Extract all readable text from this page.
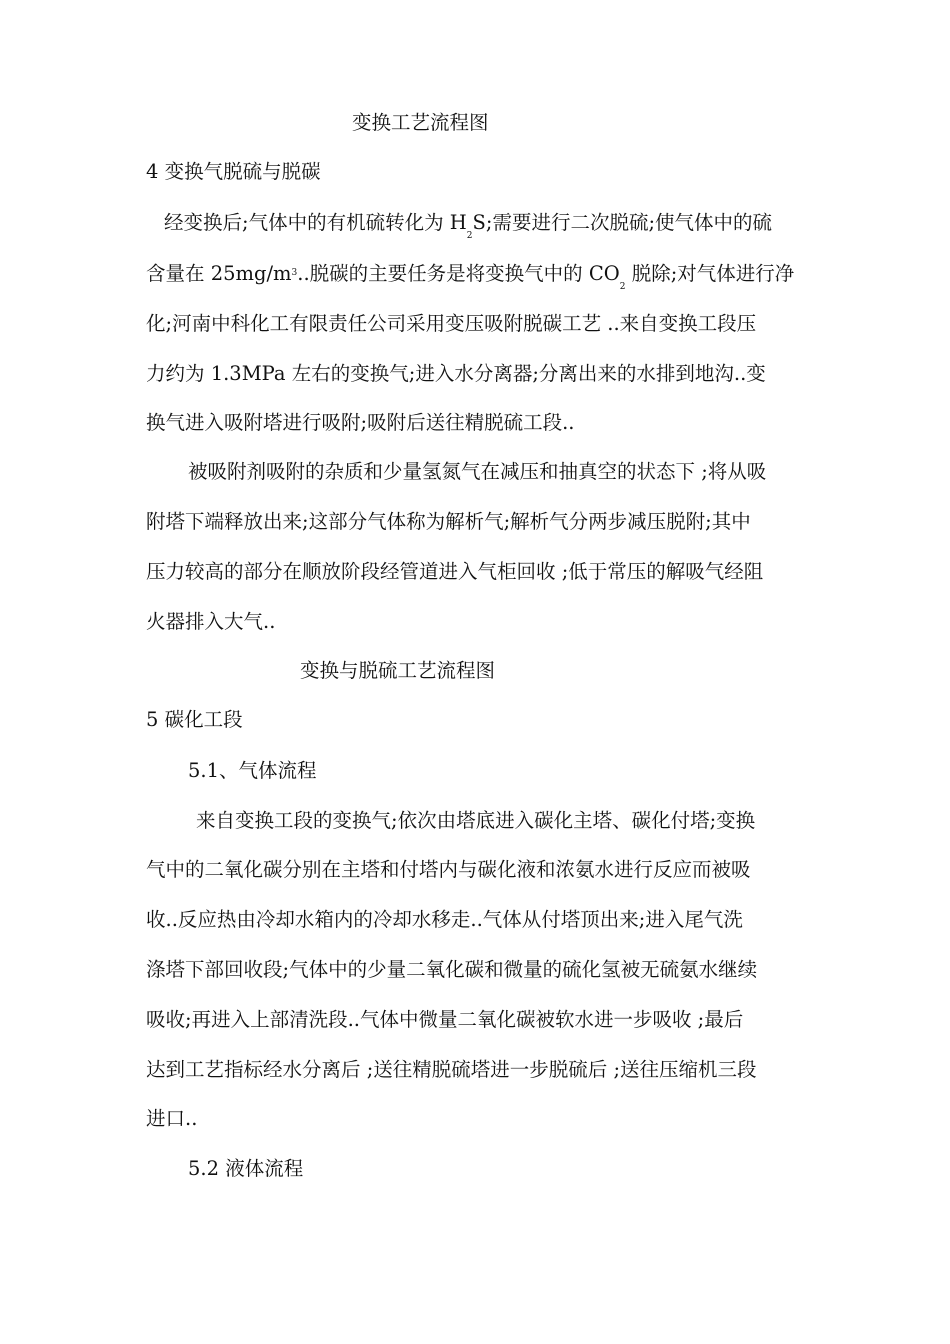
变换工艺流程图
4 变换气脱硫与脱碳
经变换后;气体中的有机硫转化为 $H_2S$;需要进行二次脱硫;使气体中的硫
含量在 $25mg/m^3$..脱碳的主要任务是将变换气中的 $CO_2$ 脱除;对气体进行净
化;河南中科化工有限责任公司采用变压吸附脱碳工艺 ..来自变换工段压
力约为 1.3MPa 左右的变换气;进入水分离器;分离出来的水排到地沟..变
换气进入吸附塔进行吸附;吸附后送往精脱硫工段..
被吸附剂吸附的杂质和少量氢氮气在减压和抽真空的状态下 ;将从吸
附塔下端释放出来;这部分气体称为解析气;解析气分两步减压脱附;其中
压力较高的部分在顺放阶段经管道进入气柜回收 ;低于常压的解吸气经阻
火器排入大气..
变换与脱硫工艺流程图
5 碳化工段
5.1、气体流程
来自变换工段的变换气;依次由塔底进入碳化主塔、碳化付塔;变换
气中的二氧化碳分别在主塔和付塔内与碳化液和浓氨水进行反应而被吸
收..反应热由冷却水箱内的冷却水移走..气体从付塔顶出来;进入尾气洗
涤塔下部回收段;气体中的少量二氧化碳和微量的硫化氢被无硫氨水继续
吸收;再进入上部清洗段..气体中微量二氧化碳被软水进一步吸收 ;最后
达到工艺指标经水分离后 ;送往精脱硫塔进一步脱硫后 ;送往压缩机三段
进口..
5.2 液体流程
